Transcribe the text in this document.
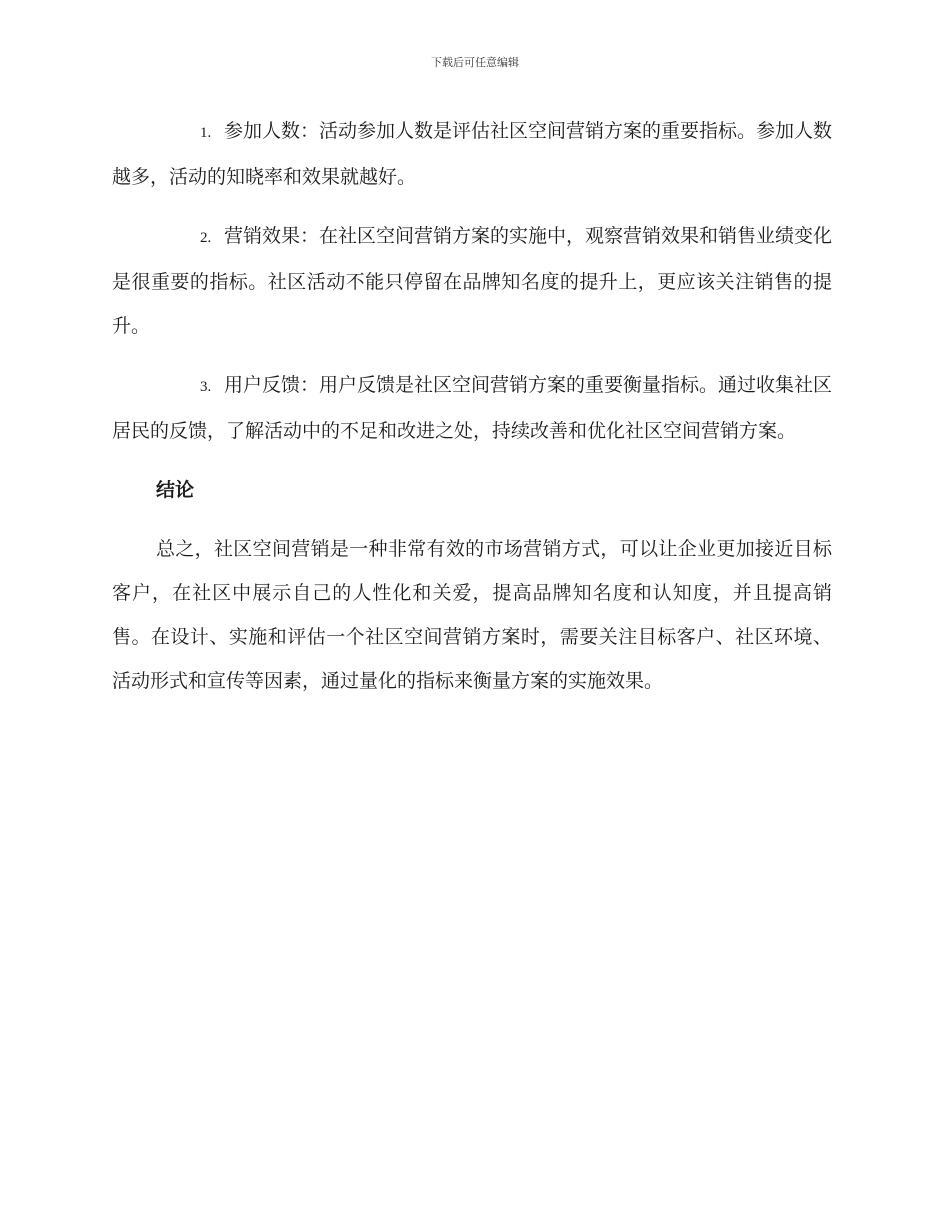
下载后可任意编辑

1. 参加人数：活动参加人数是评估社区空间营销方案的重要指标。参加人数越多，活动的知晓率和效果就越好。

2. 营销效果：在社区空间营销方案的实施中，观察营销效果和销售业绩变化是很重要的指标。社区活动不能只停留在品牌知名度的提升上，更应该关注销售的提升。

3. 用户反馈：用户反馈是社区空间营销方案的重要衡量指标。通过收集社区居民的反馈，了解活动中的不足和改进之处，持续改善和优化社区空间营销方案。

结论

总之，社区空间营销是一种非常有效的市场营销方式，可以让企业更加接近目标客户，在社区中展示自己的人性化和关爱，提高品牌知名度和认知度，并且提高销售。在设计、实施和评估一个社区空间营销方案时，需要关注目标客户、社区环境、活动形式和宣传等因素，通过量化的指标来衡量方案的实施效果。
